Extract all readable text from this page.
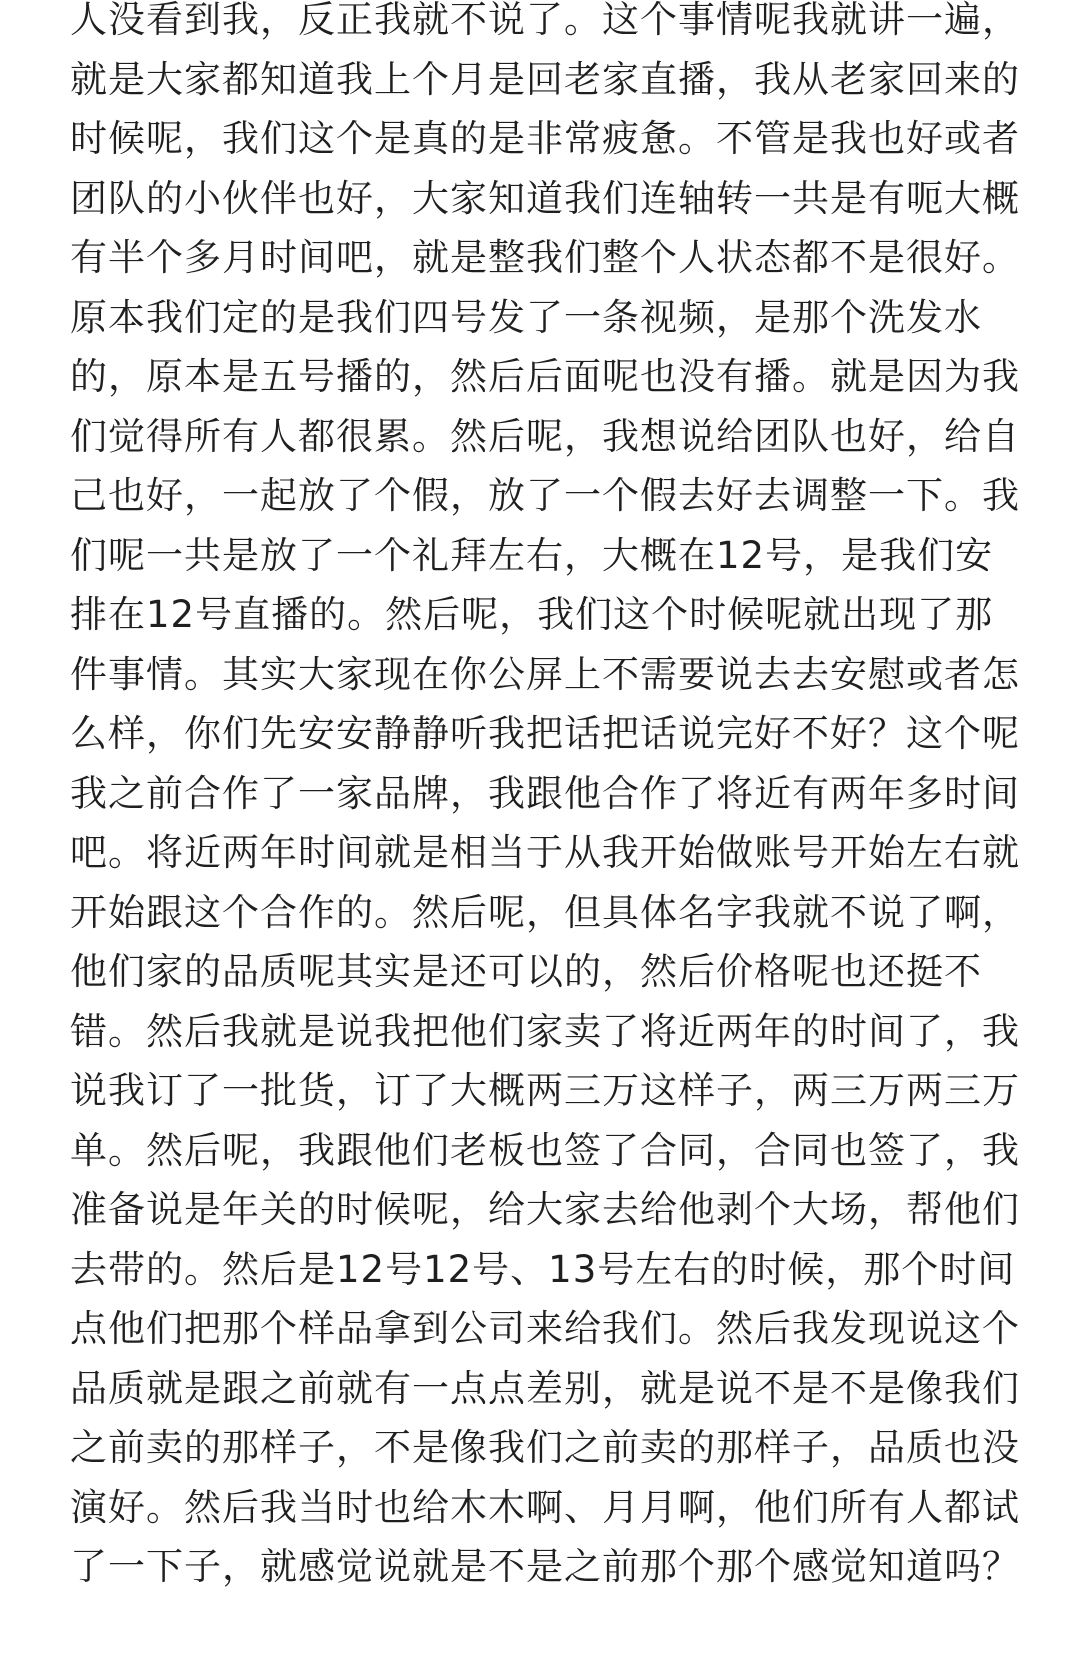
人没看到我，反正我就不说了。这个事情呢我就讲一遍，
就是大家都知道我上个月是回老家直播，我从老家回来的
时候呢，我们这个是真的是非常疲惫。不管是我也好或者
团队的小伙伴也好，大家知道我们连轴转一共是有呃大概
有半个多月时间吧，就是整我们整个人状态都不是很好。
原本我们定的是我们四号发了一条视频，是那个洗发水
的，原本是五号播的，然后后面呢也没有播。就是因为我
们觉得所有人都很累。然后呢，我想说给团队也好，给自
己也好，一起放了个假，放了一个假去好去调整一下。我
们呢一共是放了一个礼拜左右，大概在12号，是我们安
排在12号直播的。然后呢，我们这个时候呢就出现了那
件事情。其实大家现在你公屏上不需要说去去安慰或者怎
么样，你们先安安静静听我把话把话说完好不好？这个呢
我之前合作了一家品牌，我跟他合作了将近有两年多时间
吧。将近两年时间就是相当于从我开始做账号开始左右就
开始跟这个合作的。然后呢，但具体名字我就不说了啊，
他们家的品质呢其实是还可以的，然后价格呢也还挺不
错。然后我就是说我把他们家卖了将近两年的时间了，我
说我订了一批货，订了大概两三万这样子，两三万两三万
单。然后呢，我跟他们老板也签了合同，合同也签了，我
准备说是年关的时候呢，给大家去给他剥个大场，帮他们
去带的。然后是12号12号、13号左右的时候，那个时间
点他们把那个样品拿到公司来给我们。然后我发现说这个
品质就是跟之前就有一点点差别，就是说不是不是像我们
之前卖的那样子，不是像我们之前卖的那样子，品质也没
演好。然后我当时也给木木啊、月月啊，他们所有人都试
了一下子，就感觉说就是不是之前那个那个感觉知道吗？
